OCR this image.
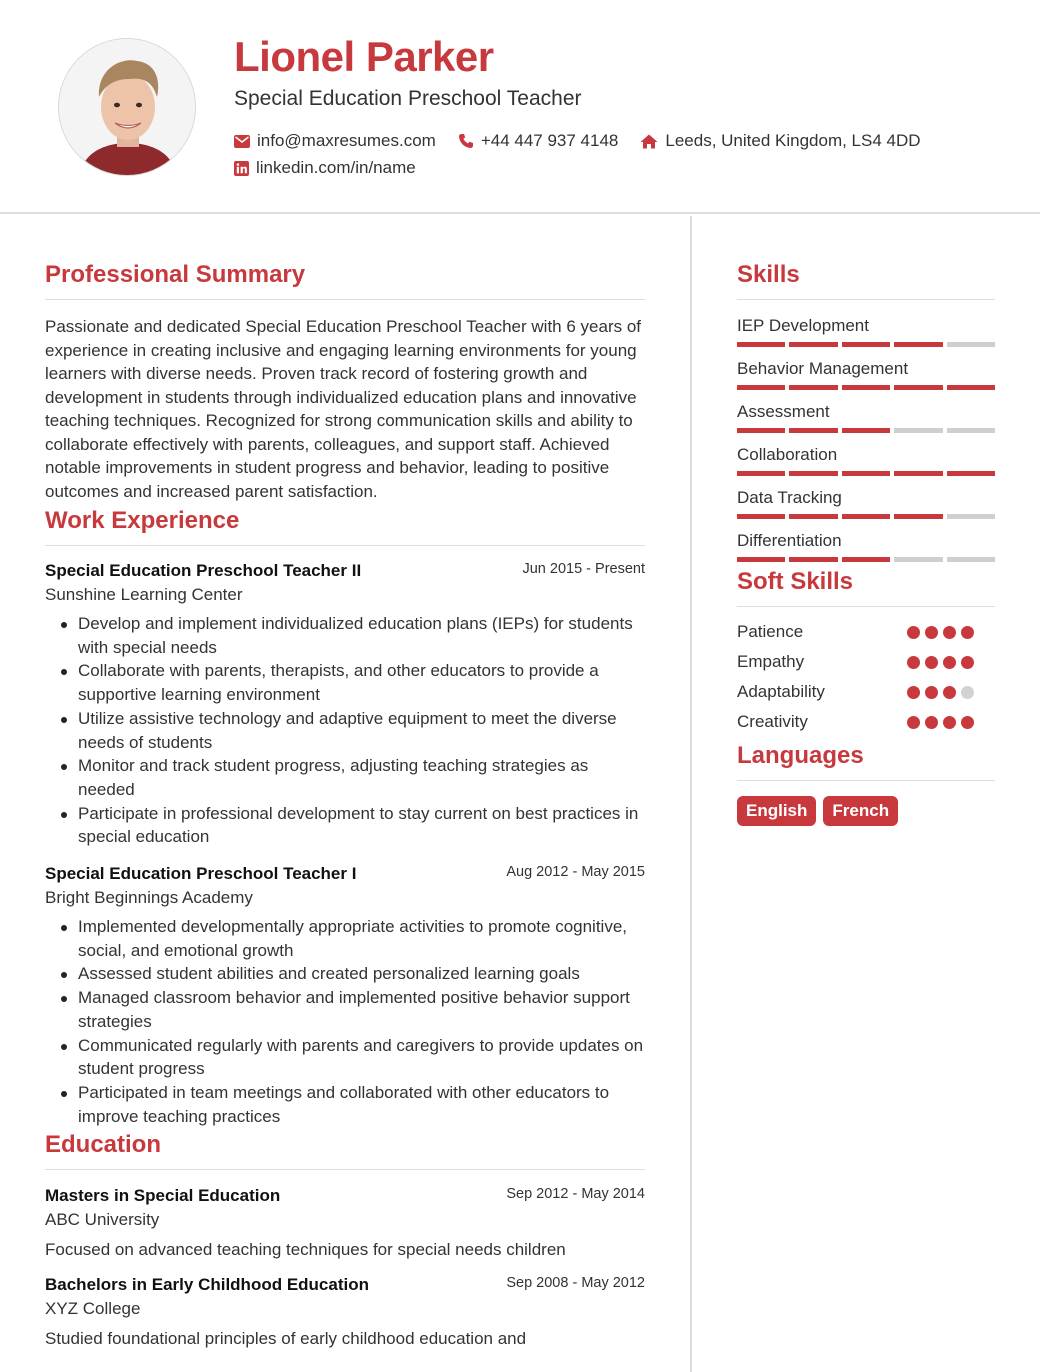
Lionel Parker
Special Education Preschool Teacher
info@maxresumes.com	+44 447 937 4148	Leeds, United Kingdom, LS4 4DD
linkedin.com/in/name
Professional Summary

Passionate and dedicated Special Education Preschool Teacher with 6 years of experience in creating inclusive and engaging learning environments for young learners with diverse needs. Proven track record of fostering growth and development in students through individualized education plans and innovative teaching techniques. Recognized for strong communication skills and ability to collaborate effectively with parents, colleagues, and support staff. Achieved notable improvements in student progress and behavior, leading to positive outcomes and increased parent satisfaction.

Work Experience
Special Education Preschool Teacher II	Jun 2015 - Present
Sunshine Learning Center
Develop and implement individualized education plans (IEPs) for students with special needs
Collaborate with parents, therapists, and other educators to provide a supportive learning environment
Utilize assistive technology and adaptive equipment to meet the diverse needs of students
Monitor and track student progress, adjusting teaching strategies as needed
Participate in professional development to stay current on best practices in special education
Special Education Preschool Teacher I	Aug 2012 - May 2015
Bright Beginnings Academy
Implemented developmentally appropriate activities to promote cognitive, social, and emotional growth
Assessed student abilities and created personalized learning goals
Managed classroom behavior and implemented positive behavior support strategies
Communicated regularly with parents and caregivers to provide updates on student progress
Participated in team meetings and collaborated with other educators to improve teaching practices
Education
Masters in Special Education	Sep 2012 - May 2014
ABC University
Focused on advanced teaching techniques for special needs children
Bachelors in Early Childhood Education	Sep 2008 - May 2012
XYZ College
Studied foundational principles of early childhood education and
Skills
IEP Development
Behavior Management
Assessment
Collaboration
Data Tracking
Differentiation
Soft Skills
Patience
Empathy
Adaptability
Creativity
Languages
English	French
